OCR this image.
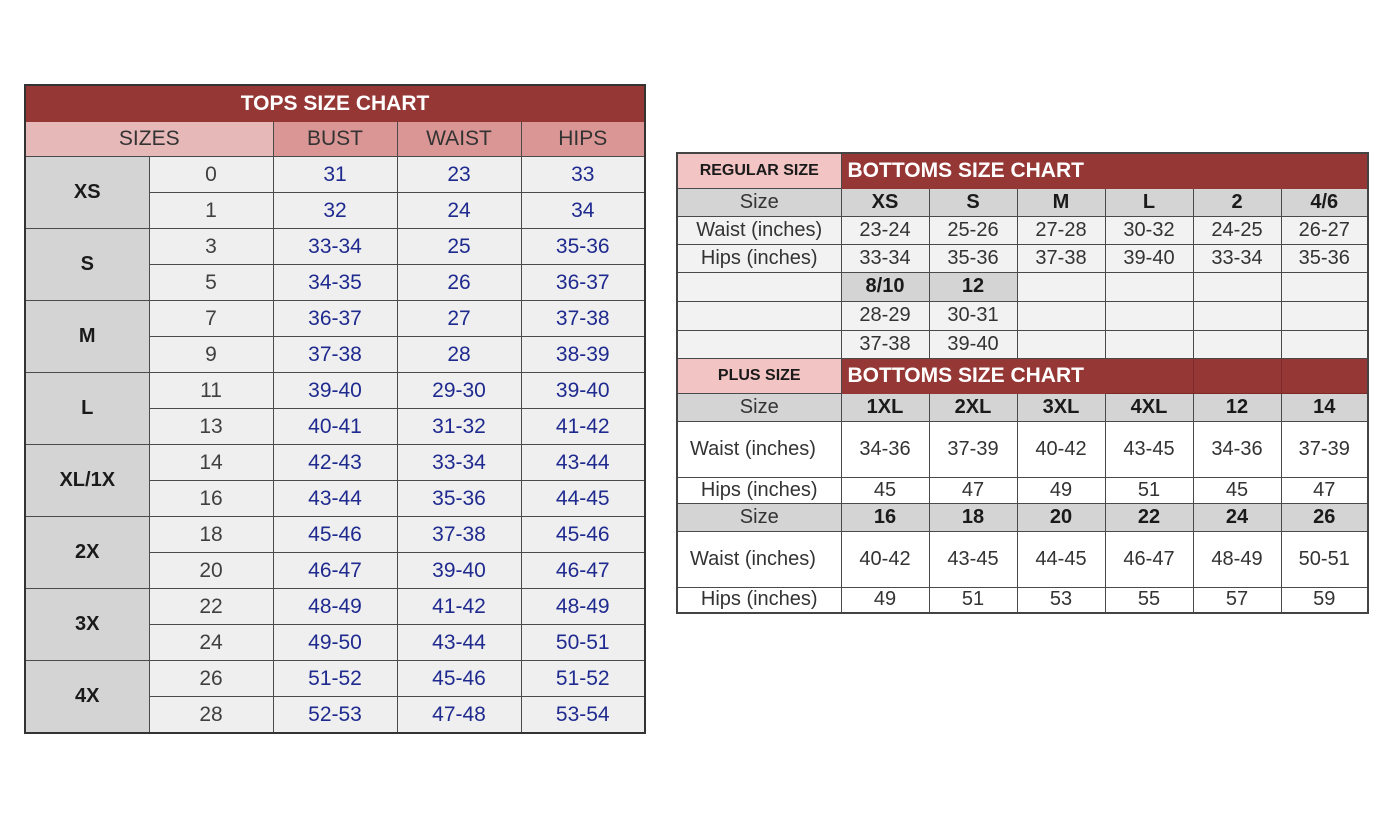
TOPS SIZE CHART				
SIZES		BUST	WAIST	HIPS
XS	0	31	23	33
	1	32	24	34
S	3	33-34	25	35-36
	5	34-35	26	36-37
M	7	36-37	27	37-38
	9	37-38	28	38-39
L	11	39-40	29-30	39-40
	13	40-41	31-32	41-42
XL/1X	14	42-43	33-34	43-44
	16	43-44	35-36	44-45
2X	18	45-46	37-38	45-46
	20	46-47	39-40	46-47
3X	22	48-49	41-42	48-49
	24	49-50	43-44	50-51
4X	26	51-52	45-46	51-52
	28	52-53	47-48	53-54
REGULAR SIZE	BOTTOMS SIZE CHART					
Size	XS	S	M	L	2	4/6
Waist (inches)	23-24	25-26	27-28	30-32	24-25	26-27
Hips (inches)	33-34	35-36	37-38	39-40	33-34	35-36
	8/10	12				
	28-29	30-31				
	37-38	39-40				
PLUS SIZE	BOTTOMS SIZE CHART					
Size	1XL	2XL	3XL	4XL	12	14
Waist (inches)	34-36	37-39	40-42	43-45	34-36	37-39
Hips (inches)	45	47	49	51	45	47
Size	16	18	20	22	24	26
Waist (inches)	40-42	43-45	44-45	46-47	48-49	50-51
Hips (inches)	49	51	53	55	57	59
